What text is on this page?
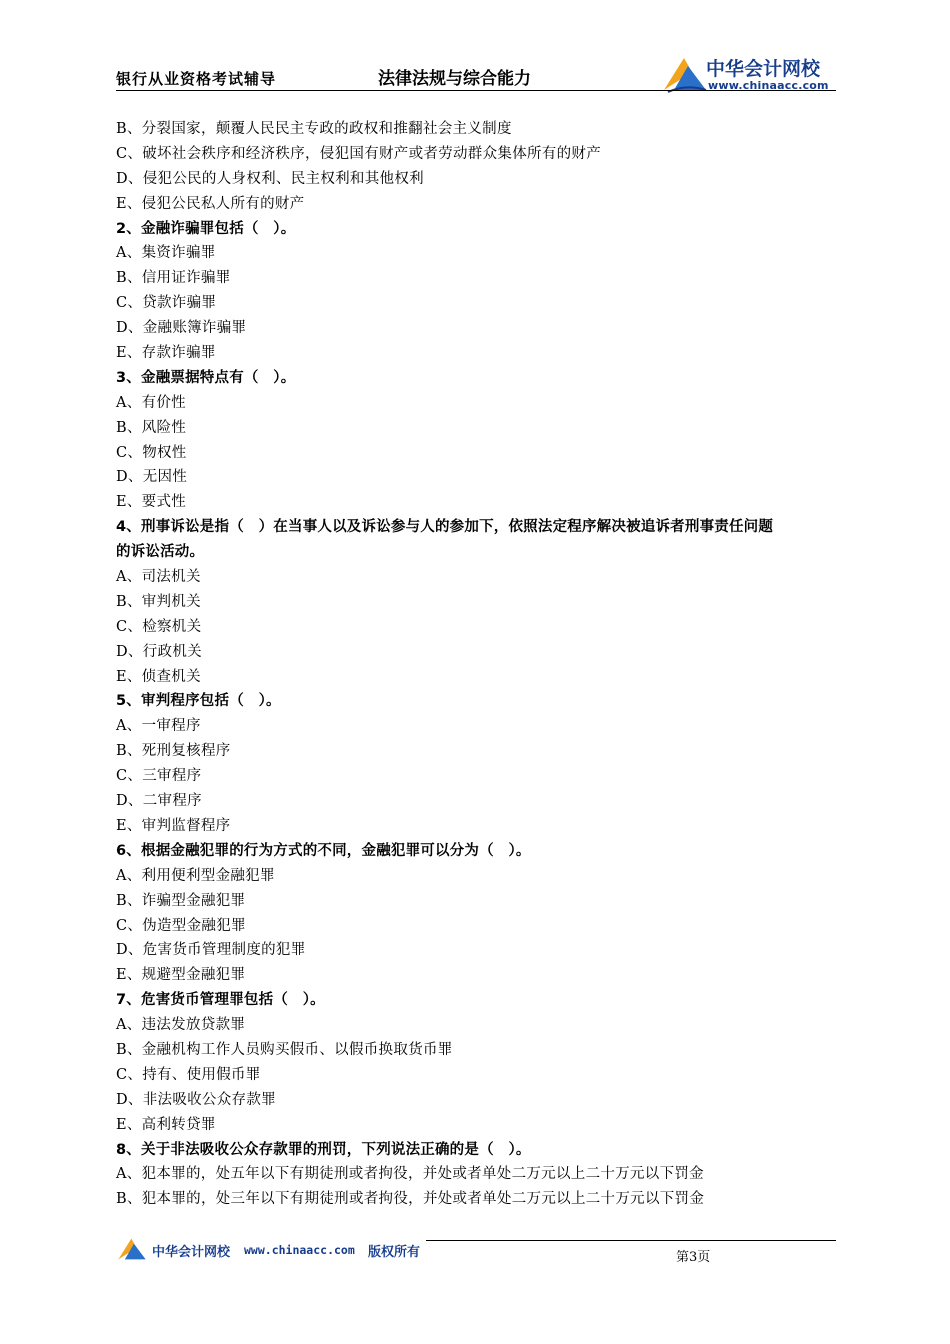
银行从业资格考试辅导	法律法规与综合能力	中华会计网校
www.chinaacc.com
B、分裂国家，颠覆人民民主专政的政权和推翻社会主义制度
C、破坏社会秩序和经济秩序，侵犯国有财产或者劳动群众集体所有的财产
D、侵犯公民的人身权利、民主权利和其他权利
E、侵犯公民私人所有的财产
2、金融诈骗罪包括（　）。
A、集资诈骗罪
B、信用证诈骗罪
C、贷款诈骗罪
D、金融账簿诈骗罪
E、存款诈骗罪
3、金融票据特点有（　）。
A、有价性
B、风险性
C、物权性
D、无因性
E、要式性
4、刑事诉讼是指（　）在当事人以及诉讼参与人的参加下，依照法定程序解决被追诉者刑事责任问题
的诉讼活动。
A、司法机关
B、审判机关
C、检察机关
D、行政机关
E、侦查机关
5、审判程序包括（　）。
A、一审程序
B、死刑复核程序
C、三审程序
D、二审程序
E、审判监督程序
6、根据金融犯罪的行为方式的不同，金融犯罪可以分为（　）。
A、利用便利型金融犯罪
B、诈骗型金融犯罪
C、伪造型金融犯罪
D、危害货币管理制度的犯罪
E、规避型金融犯罪
7、危害货币管理罪包括（　）。
A、违法发放贷款罪
B、金融机构工作人员购买假币、以假币换取货币罪
C、持有、使用假币罪
D、非法吸收公众存款罪
E、高利转贷罪
8、关于非法吸收公众存款罪的刑罚，下列说法正确的是（　）。
A、犯本罪的，处五年以下有期徒刑或者拘役，并处或者单处二万元以上二十万元以下罚金
B、犯本罪的，处三年以下有期徒刑或者拘役，并处或者单处二万元以上二十万元以下罚金
中华会计网校 www.chinaacc.com 版权所有	第3页
